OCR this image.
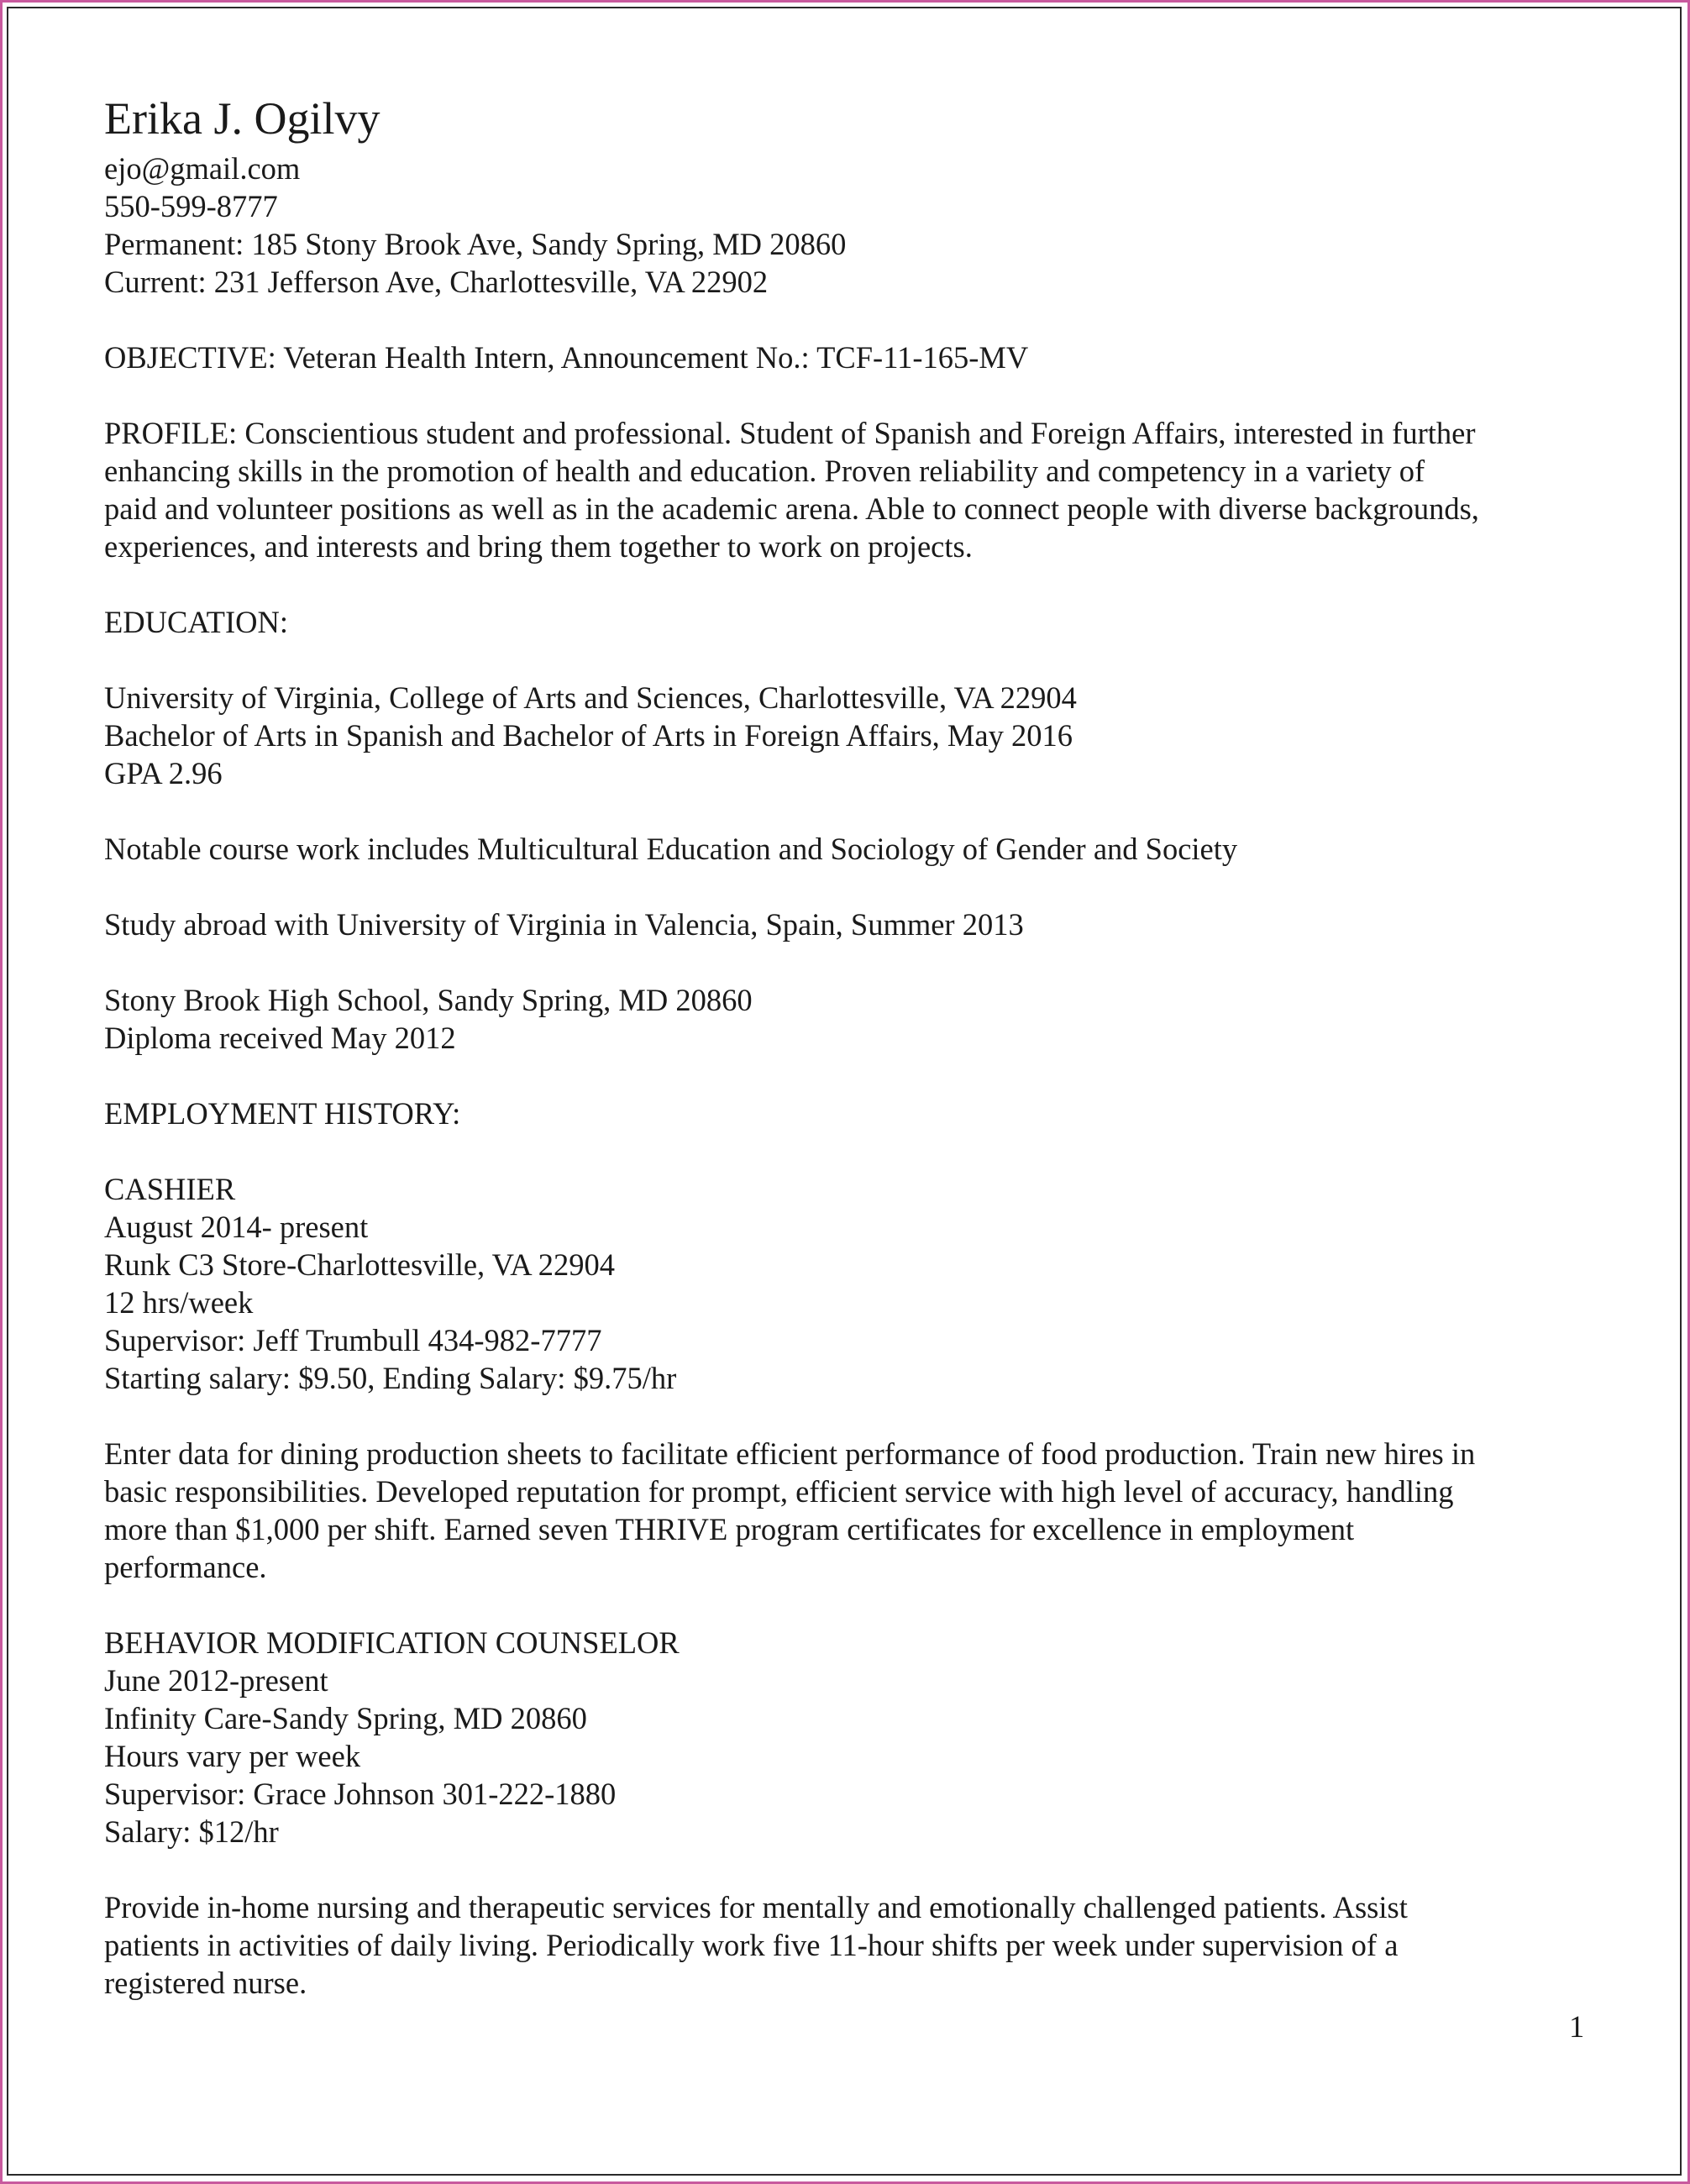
Erika J. Ogilvy
ejo@gmail.com
550-599-8777
Permanent: 185 Stony Brook Ave, Sandy Spring, MD 20860
Current: 231 Jefferson Ave, Charlottesville, VA 22902
OBJECTIVE: Veteran Health Intern, Announcement No.: TCF-11-165-MV
PROFILE: Conscientious student and professional. Student of Spanish and Foreign Affairs, interested in further
enhancing skills in the promotion of health and education. Proven reliability and competency in a variety of
paid and volunteer positions as well as in the academic arena. Able to connect people with diverse backgrounds,
experiences, and interests and bring them together to work on projects.
EDUCATION:
University of Virginia, College of Arts and Sciences, Charlottesville, VA 22904
Bachelor of Arts in Spanish and Bachelor of Arts in Foreign Affairs, May 2016
GPA 2.96
Notable course work includes Multicultural Education and Sociology of Gender and Society
Study abroad with University of Virginia in Valencia, Spain, Summer 2013
Stony Brook High School, Sandy Spring, MD 20860
Diploma received May 2012
EMPLOYMENT HISTORY:
CASHIER
August 2014- present
Runk C3 Store-Charlottesville, VA 22904
12 hrs/week
Supervisor: Jeff Trumbull 434-982-7777
Starting salary: $9.50, Ending Salary: $9.75/hr
Enter data for dining production sheets to facilitate efficient performance of food production. Train new hires in
basic responsibilities. Developed reputation for prompt, efficient service with high level of accuracy, handling
more than $1,000 per shift. Earned seven THRIVE program certificates for excellence in employment
performance.
BEHAVIOR MODIFICATION COUNSELOR
June 2012-present
Infinity Care-Sandy Spring, MD 20860
Hours vary per week
Supervisor: Grace Johnson 301-222-1880
Salary: $12/hr
Provide in-home nursing and therapeutic services for mentally and emotionally challenged patients. Assist
patients in activities of daily living. Periodically work five 11-hour shifts per week under supervision of a
registered nurse.
1
